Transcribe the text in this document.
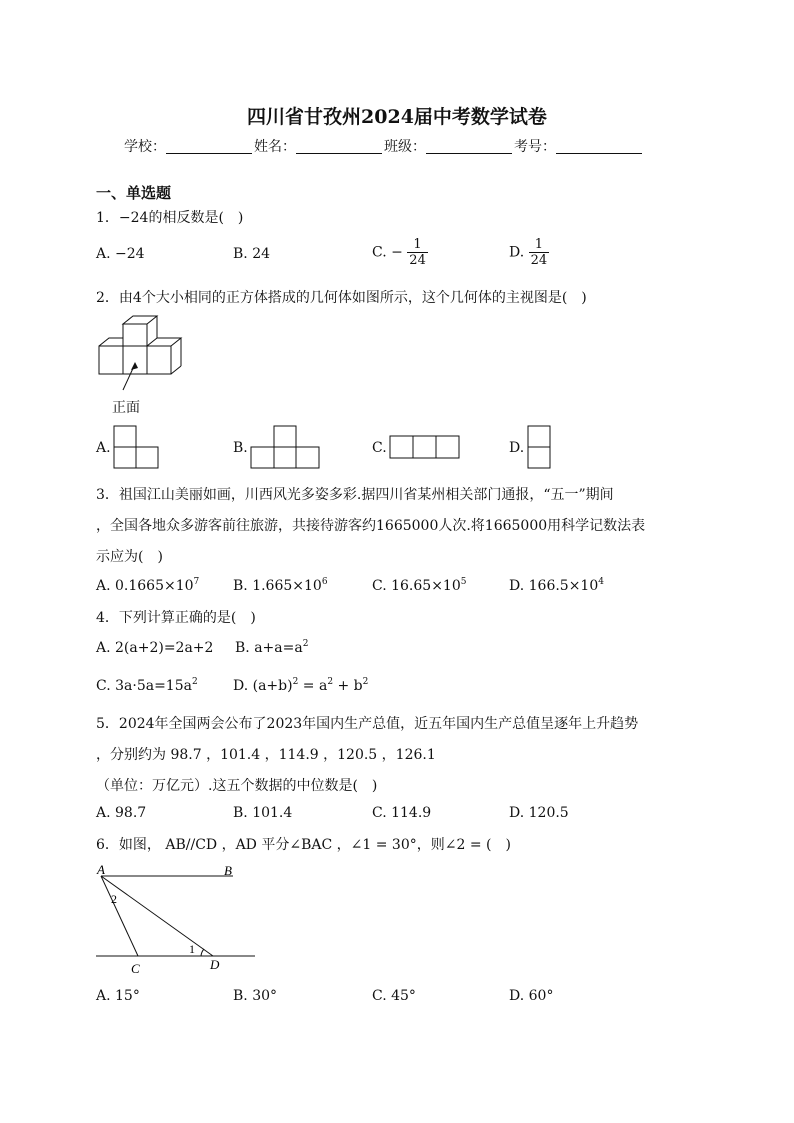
四川省甘孜州2024届中考数学试卷
学校：	姓名：	班级：	考号：
一、单选题
1．−24的相反数是(　)
A. −24	B. 24	C. − $\frac{1}{24}$	D. $\frac{1}{24}$
2．由4个大小相同的正方体搭成的几何体如图所示，这个几何体的主视图是(　)
正面
A.	B.	C.	D.
3．祖国江山美丽如画，川西风光多姿多彩.据四川省某州相关部门通报，“五一”期间
，全国各地众多游客前往旅游，共接待游客约1665000人次.将1665000用科学记数法表
示应为(　)
A. $0.1665\times 10^7$ B. $1.665\times 10^6$	C. $16.65\times 10^5$	D. $166.5\times 10^4$
4．下列计算正确的是(　)
A. 2(a+2)=2a+2 B. $a+a=a^2$
C. $3a\cdot 5a=15a^2$	D. $(a+b)^2 = a^2 + b^2$
5．2024年全国两会公布了2023年国内生产总值，近五年国内生产总值呈逐年上升趋势
，分别约为 98.7 ，101.4 ，114.9 ，120.5 ，126.1
（单位：万亿元）.这五个数据的中位数是(　)
A. 98.7	B. 101.4	C. 114.9	D. 120.5
6．如图， AB//CD ，AD 平分∠BAC ，∠1 = 30°，则∠2 = (　)
A	B
C	D
1
2
A. 15°	B. 30°	C. 45°	D. 60°
